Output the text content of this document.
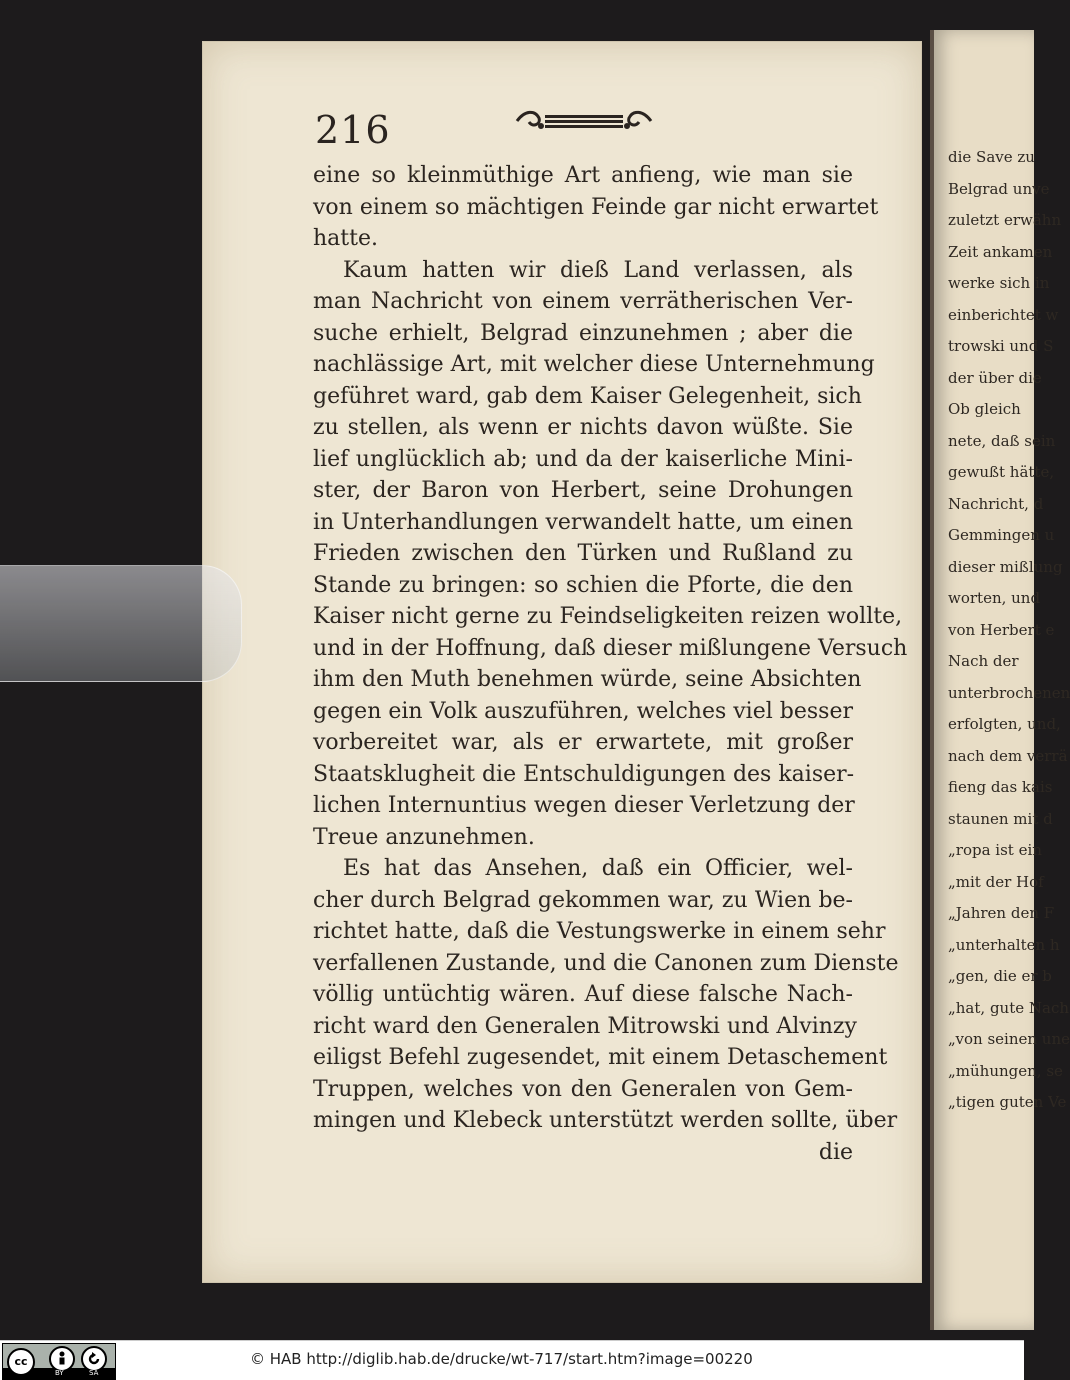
die Save zu
Belgrad unve
zuletzt erwähn
Zeit ankamen
werke sich in
einberichtet w
trowski und S
der über die
Ob gleich
nete, daß sein
gewußt hätte,
Nachricht, d
Gemmingen u
dieser mißlung
worten, und
von Herbert e
Nach der
unterbrochenen
erfolgten, und,
nach dem verrä
fieng das kais
staunen mit d
„ropa ist ein
„mit der Hof
„Jahren den F
„unterhalten h
„gen, die er b
„hat, gute Nach
„von seinen une
„mühungen, se
„tigen guten Ve
216
eine so kleinmüthige Art anfieng, wie man sie
von einem so mächtigen Feinde gar nicht erwartet
hatte.
Kaum hatten wir dieß Land verlassen, als
man Nachricht von einem verrätherischen Ver-
suche erhielt, Belgrad einzunehmen ; aber die
nachlässige Art, mit welcher diese Unternehmung
geführet ward, gab dem Kaiser Gelegenheit, sich
zu stellen, als wenn er nichts davon wüßte. Sie
lief unglücklich ab; und da der kaiserliche Mini-
ster, der Baron von Herbert, seine Drohungen
in Unterhandlungen verwandelt hatte, um einen
Frieden zwischen den Türken und Rußland zu
Stande zu bringen: so schien die Pforte, die den
Kaiser nicht gerne zu Feindseligkeiten reizen wollte,
und in der Hoffnung, daß dieser mißlungene Versuch
ihm den Muth benehmen würde, seine Absichten
gegen ein Volk auszuführen, welches viel besser
vorbereitet war, als er erwartete, mit großer
Staatsklugheit die Entschuldigungen des kaiser-
lichen Internuntius wegen dieser Verletzung der
Treue anzunehmen.
Es hat das Ansehen, daß ein Officier, wel-
cher durch Belgrad gekommen war, zu Wien be-
richtet hatte, daß die Vestungswerke in einem sehr
verfallenen Zustande, und die Canonen zum Dienste
völlig untüchtig wären. Auf diese falsche Nach-
richt ward den Generalen Mitrowski und Alvinzy
eiligst Befehl zugesendet, mit einem Detaschement
Truppen, welches von den Generalen von Gem-
mingen und Klebeck unterstützt werden sollte, über
die
cc
BY	SA
© HAB http://diglib.hab.de/drucke/wt-717/start.htm?image=00220
